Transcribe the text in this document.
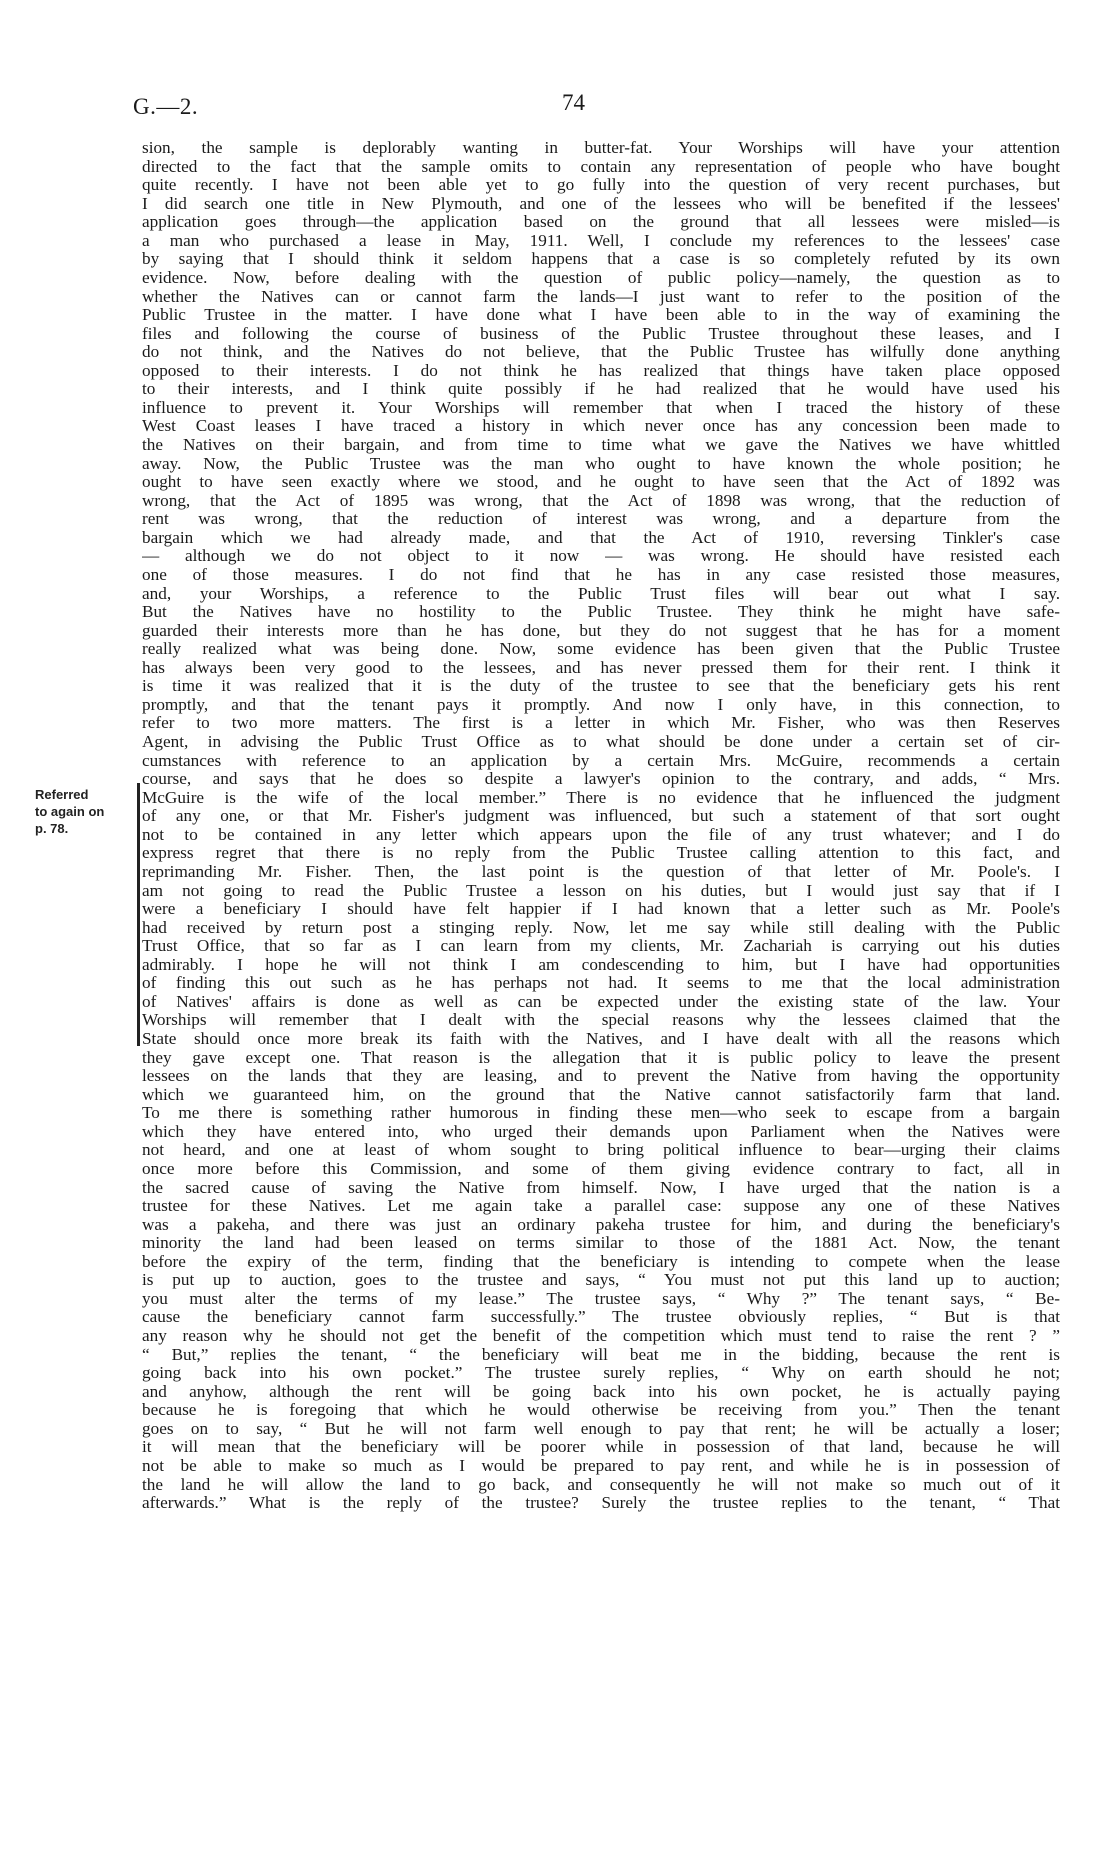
G.—2.	74
Referred
to again on
p. 78.
sion, the sample is deplorably wanting in butter-fat. Your Worships will have your attention
directed to the fact that the sample omits to contain any representation of people who have bought
quite recently. I have not been able yet to go fully into the question of very recent purchases, but
I did search one title in New Plymouth, and one of the lessees who will be benefited if the lessees'
application goes through—the application based on the ground that all lessees were misled—is
a man who purchased a lease in May, 1911. Well, I conclude my references to the lessees' case
by saying that I should think it seldom happens that a case is so completely refuted by its own
evidence. Now, before dealing with the question of public policy—namely, the question as to
whether the Natives can or cannot farm the lands—I just want to refer to the position of the
Public Trustee in the matter. I have done what I have been able to in the way of examining the
files and following the course of business of the Public Trustee throughout these leases, and I
do not think, and the Natives do not believe, that the Public Trustee has wilfully done anything
opposed to their interests. I do not think he has realized that things have taken place opposed
to their interests, and I think quite possibly if he had realized that he would have used his
influence to prevent it. Your Worships will remember that when I traced the history of these
West Coast leases I have traced a history in which never once has any concession been made to
the Natives on their bargain, and from time to time what we gave the Natives we have whittled
away. Now, the Public Trustee was the man who ought to have known the whole position; he
ought to have seen exactly where we stood, and he ought to have seen that the Act of 1892 was
wrong, that the Act of 1895 was wrong, that the Act of 1898 was wrong, that the reduction of
rent was wrong, that the reduction of interest was wrong, and a departure from the
bargain which we had already made, and that the Act of 1910, reversing Tinkler's case
— although we do not object to it now — was wrong. He should have resisted each
one of those measures. I do not find that he has in any case resisted those measures,
and, your Worships, a reference to the Public Trust files will bear out what I say.
But the Natives have no hostility to the Public Trustee. They think he might have safe-
guarded their interests more than he has done, but they do not suggest that he has for a moment
really realized what was being done. Now, some evidence has been given that the Public Trustee
has always been very good to the lessees, and has never pressed them for their rent. I think it
is time it was realized that it is the duty of the trustee to see that the beneficiary gets his rent
promptly, and that the tenant pays it promptly. And now I only have, in this connection, to
refer to two more matters. The first is a letter in which Mr. Fisher, who was then Reserves
Agent, in advising the Public Trust Office as to what should be done under a certain set of cir-
cumstances with reference to an application by a certain Mrs. McGuire, recommends a certain
course, and says that he does so despite a lawyer's opinion to the contrary, and adds, “ Mrs.
McGuire is the wife of the local member.” There is no evidence that he influenced the judgment
of any one, or that Mr. Fisher's judgment was influenced, but such a statement of that sort ought
not to be contained in any letter which appears upon the file of any trust whatever; and I do
express regret that there is no reply from the Public Trustee calling attention to this fact, and
reprimanding Mr. Fisher. Then, the last point is the question of that letter of Mr. Poole's. I
am not going to read the Public Trustee a lesson on his duties, but I would just say that if I
were a beneficiary I should have felt happier if I had known that a letter such as Mr. Poole's
had received by return post a stinging reply. Now, let me say while still dealing with the Public
Trust Office, that so far as I can learn from my clients, Mr. Zachariah is carrying out his duties
admirably. I hope he will not think I am condescending to him, but I have had opportunities
of finding this out such as he has perhaps not had. It seems to me that the local administration
of Natives' affairs is done as well as can be expected under the existing state of the law. Your
Worships will remember that I dealt with the special reasons why the lessees claimed that the
State should once more break its faith with the Natives, and I have dealt with all the reasons which
they gave except one. That reason is the allegation that it is public policy to leave the present
lessees on the lands that they are leasing, and to prevent the Native from having the opportunity
which we guaranteed him, on the ground that the Native cannot satisfactorily farm that land.
To me there is something rather humorous in finding these men—who seek to escape from a bargain
which they have entered into, who urged their demands upon Parliament when the Natives were
not heard, and one at least of whom sought to bring political influence to bear—urging their claims
once more before this Commission, and some of them giving evidence contrary to fact, all in
the sacred cause of saving the Native from himself. Now, I have urged that the nation is a
trustee for these Natives. Let me again take a parallel case: suppose any one of these Natives
was a pakeha, and there was just an ordinary pakeha trustee for him, and during the beneficiary's
minority the land had been leased on terms similar to those of the 1881 Act. Now, the tenant
before the expiry of the term, finding that the beneficiary is intending to compete when the lease
is put up to auction, goes to the trustee and says, “ You must not put this land up to auction;
you must alter the terms of my lease.” The trustee says, “ Why ?” The tenant says, “ Be-
cause the beneficiary cannot farm successfully.” The trustee obviously replies, “ But is that
any reason why he should not get the benefit of the competition which must tend to raise the rent ? ”
“ But,” replies the tenant, “ the beneficiary will beat me in the bidding, because the rent is
going back into his own pocket.” The trustee surely replies, “ Why on earth should he not;
and anyhow, although the rent will be going back into his own pocket, he is actually paying
because he is foregoing that which he would otherwise be receiving from you.” Then the tenant
goes on to say, “ But he will not farm well enough to pay that rent; he will be actually a loser;
it will mean that the beneficiary will be poorer while in possession of that land, because he will
not be able to make so much as I would be prepared to pay rent, and while he is in possession of
the land he will allow the land to go back, and consequently he will not make so much out of it
afterwards.” What is the reply of the trustee? Surely the trustee replies to the tenant, “ That
